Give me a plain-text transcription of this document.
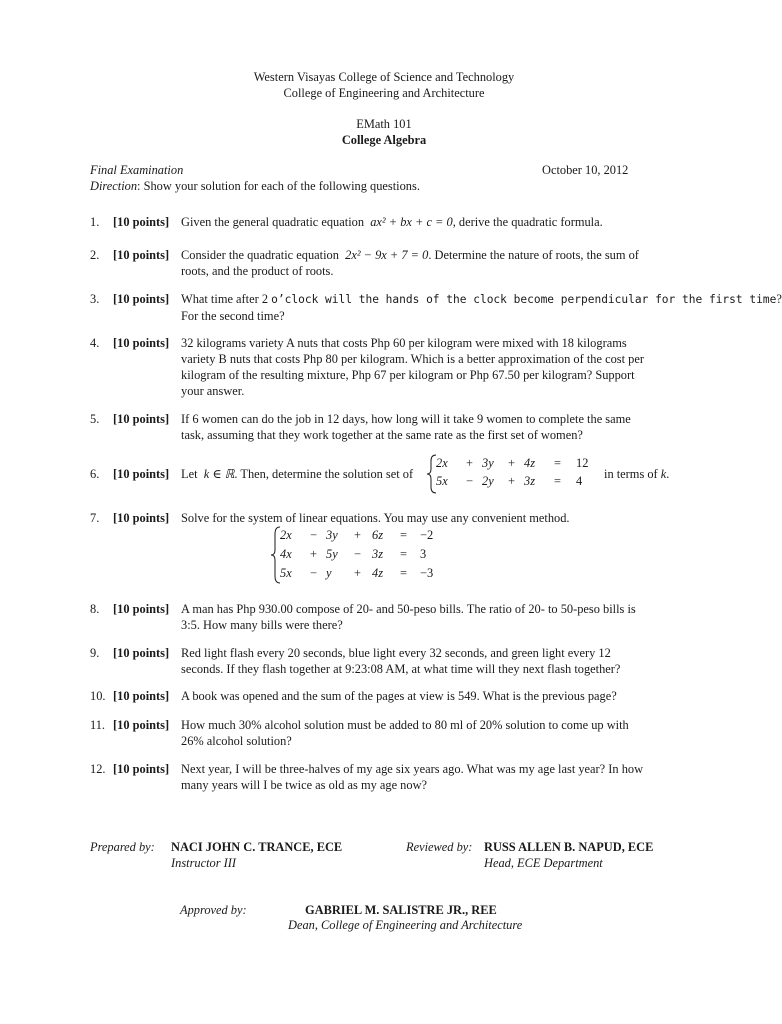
Western Visayas College of Science and Technology
College of Engineering and Architecture
EMath 101
College Algebra
Final Examination	October 10, 2012
Direction: Show your solution for each of the following questions.
1. [10 points] Given the general quadratic equation ax² + bx + c = 0, derive the quadratic formula.
2. [10 points] Consider the quadratic equation 2x² − 9x + 7 = 0. Determine the nature of roots, the sum of
roots, and the product of roots.
3. [10 points] What time after 2 o’clock will the hands of the clock become perpendicular for the first time?
For the second time?
4. [10 points] 32 kilograms variety A nuts that costs Php 60 per kilogram were mixed with 18 kilograms
variety B nuts that costs Php 80 per kilogram. Which is a better approximation of the cost per
kilogram of the resulting mixture, Php 67 per kilogram or Php 67.50 per kilogram? Support
your answer.
5. [10 points] If 6 women can do the job in 12 days, how long will it take 9 women to complete the same
task, assuming that they work together at the same rate as the first set of women?
6. [10 points] Let k ∈ ℝ. Then, determine the solution set of	in terms of k.
2x + 3y + 4z = 12
5x − 2y + 3z = 4
7. [10 points] Solve for the system of linear equations. You may use any convenient method.
2x − 3y + 6z = −2
4x + 5y − 3z = 3
5x − y + 4z = −3
8. [10 points] A man has Php 930.00 compose of 20- and 50-peso bills. The ratio of 20- to 50-peso bills is
3:5. How many bills were there?
9. [10 points] Red light flash every 20 seconds, blue light every 32 seconds, and green light every 12
seconds. If they flash together at 9:23:08 AM, at what time will they next flash together?
10. [10 points] A book was opened and the sum of the pages at view is 549. What is the previous page?
11. [10 points] How much 30% alcohol solution must be added to 80 ml of 20% solution to come up with
26% alcohol solution?
12. [10 points] Next year, I will be three-halves of my age six years ago. What was my age last year? In how
many years will I be twice as old as my age now?
Prepared by: NACI JOHN C. TRANCE, ECE
Instructor III
Reviewed by: RUSS ALLEN B. NAPUD, ECE
Head, ECE Department
Approved by:	GABRIEL M. SALISTRE JR., REE
Dean, College of Engineering and Architecture
